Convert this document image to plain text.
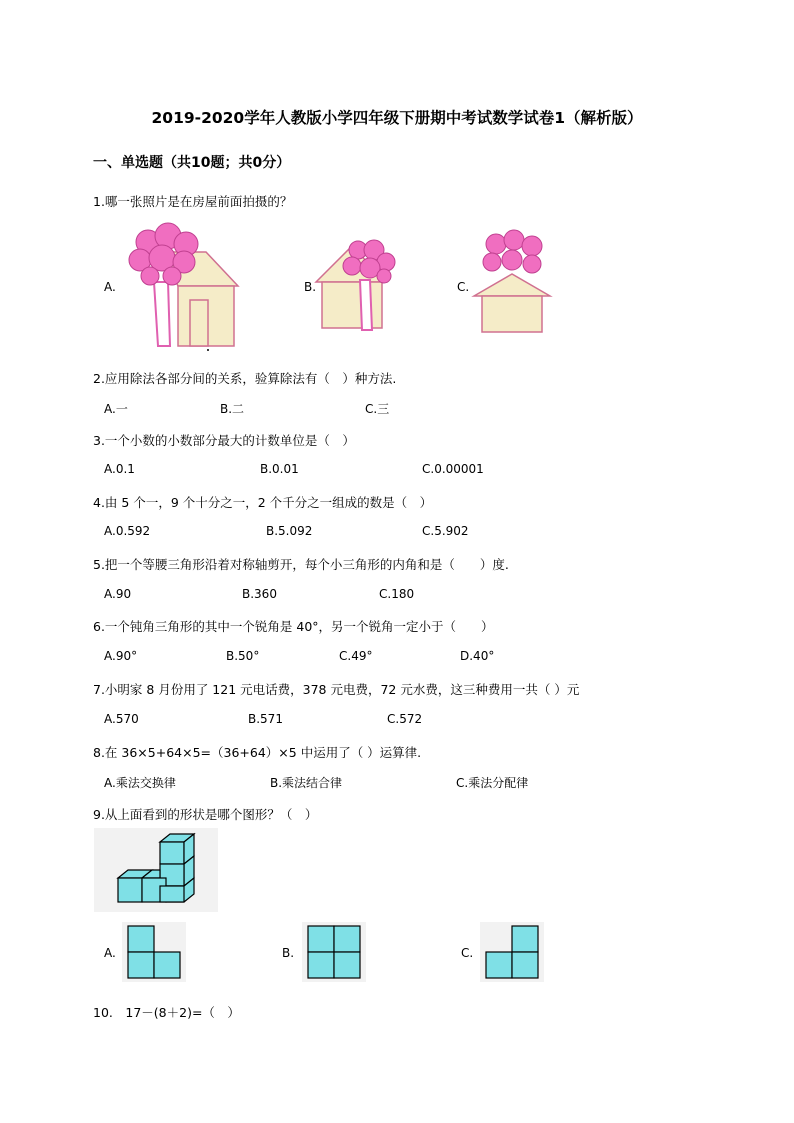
2019-2020学年人教版小学四年级下册期中考试数学试卷1（解析版）
一、单选题（共10题；共0分）
1.哪一张照片是在房屋前面拍摄的？
A.	B.	C.
2.应用除法各部分间的关系，验算除法有（　）种方法.
A.一	B.二	C.三
3.一个小数的小数部分最大的计数单位是（　）
A.0.1	B.0.01	C.0.00001
4.由 5 个一，9 个十分之一，2 个千分之一组成的数是（　）
A.0.592	B.5.092	C.5.902
5.把一个等腰三角形沿着对称轴剪开，每个小三角形的内角和是（　　）度.
A.90	B.360	C.180
6.一个钝角三角形的其中一个锐角是 40°，另一个锐角一定小于（　　）
A.90°	B.50°	C.49°	D.40°
7.小明家 8 月份用了 121 元电话费，378 元电费，72 元水费，这三种费用一共（ ）元
A.570	B.571	C.572
8.在 36×5+64×5=（36+64）×5 中运用了（ ）运算律.
A.乘法交换律	B.乘法结合律	C.乘法分配律
9.从上面看到的形状是哪个图形？（　）
A.	B.	C.
10.　17－(8＋2)=（　）
